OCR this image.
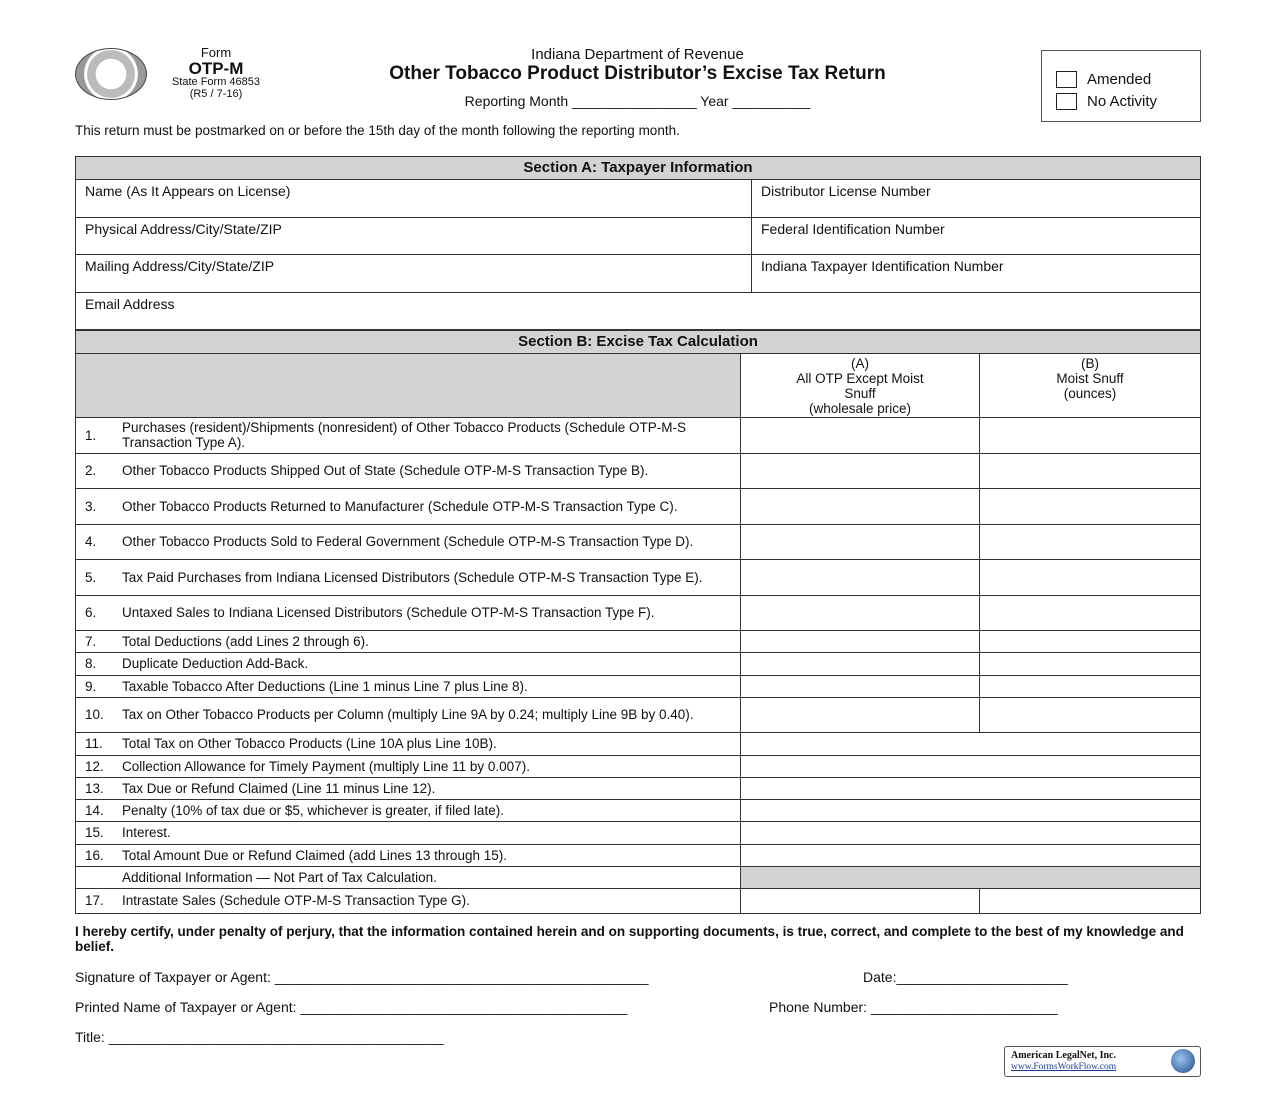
Form
OTP-M
State Form 46853
(R5 / 7-16)
Indiana Department of Revenue
Other Tobacco Product Distributor’s Excise Tax Return
Reporting Month ________________ Year __________
Amended
No Activity
This return must be postmarked on or before the 15th day of the month following the reporting month.
Section A: Taxpayer Information
Name (As It Appears on License)	Distributor License Number
Physical Address/City/State/ZIP	Federal Identification Number
Mailing Address/City/State/ZIP	Indiana Taxpayer Identification Number
Email Address
Section B: Excise Tax Calculation
(A)
All OTP Except Moist
Snuff
(wholesale price)
(B)
Moist Snuff
(ounces)
1.	Purchases (resident)/Shipments (nonresident) of Other Tobacco Products (Schedule OTP-M-S Transaction Type A).
2.	Other Tobacco Products Shipped Out of State (Schedule OTP-M-S Transaction Type B).
3.	Other Tobacco Products Returned to Manufacturer (Schedule OTP-M-S Transaction Type C).
4.	Other Tobacco Products Sold to Federal Government (Schedule OTP-M-S Transaction Type D).
5.	Tax Paid Purchases from Indiana Licensed Distributors (Schedule OTP-M-S Transaction Type E).
6.	Untaxed Sales to Indiana Licensed Distributors (Schedule OTP-M-S Transaction Type F).
7.	Total Deductions (add Lines 2 through 6).
8.	Duplicate Deduction Add-Back.
9.	Taxable Tobacco After Deductions (Line 1 minus Line 7 plus Line 8).
10.	Tax on Other Tobacco Products per Column (multiply Line 9A by 0.24; multiply Line 9B by 0.40).
11.	Total Tax on Other Tobacco Products (Line 10A plus Line 10B).
12.	Collection Allowance for Timely Payment (multiply Line 11 by 0.007).
13.	Tax Due or Refund Claimed (Line 11 minus Line 12).
14.	Penalty (10% of tax due or $5, whichever is greater, if filed late).
15.	Interest.
16.	Total Amount Due or Refund Claimed (add Lines 13 through 15).
Additional Information — Not Part of Tax Calculation.
17.	Intrastate Sales (Schedule OTP-M-S Transaction Type G).
I hereby certify, under penalty of perjury, that the information contained herein and on supporting documents, is true, correct, and complete to the best of my knowledge and belief.
Signature of Taxpayer or Agent: ________________________________________________	Date:______________________
Printed Name of Taxpayer or Agent: __________________________________________	Phone Number: ________________________
Title: ___________________________________________
American LegalNet, Inc.
www.FormsWorkFlow.com
